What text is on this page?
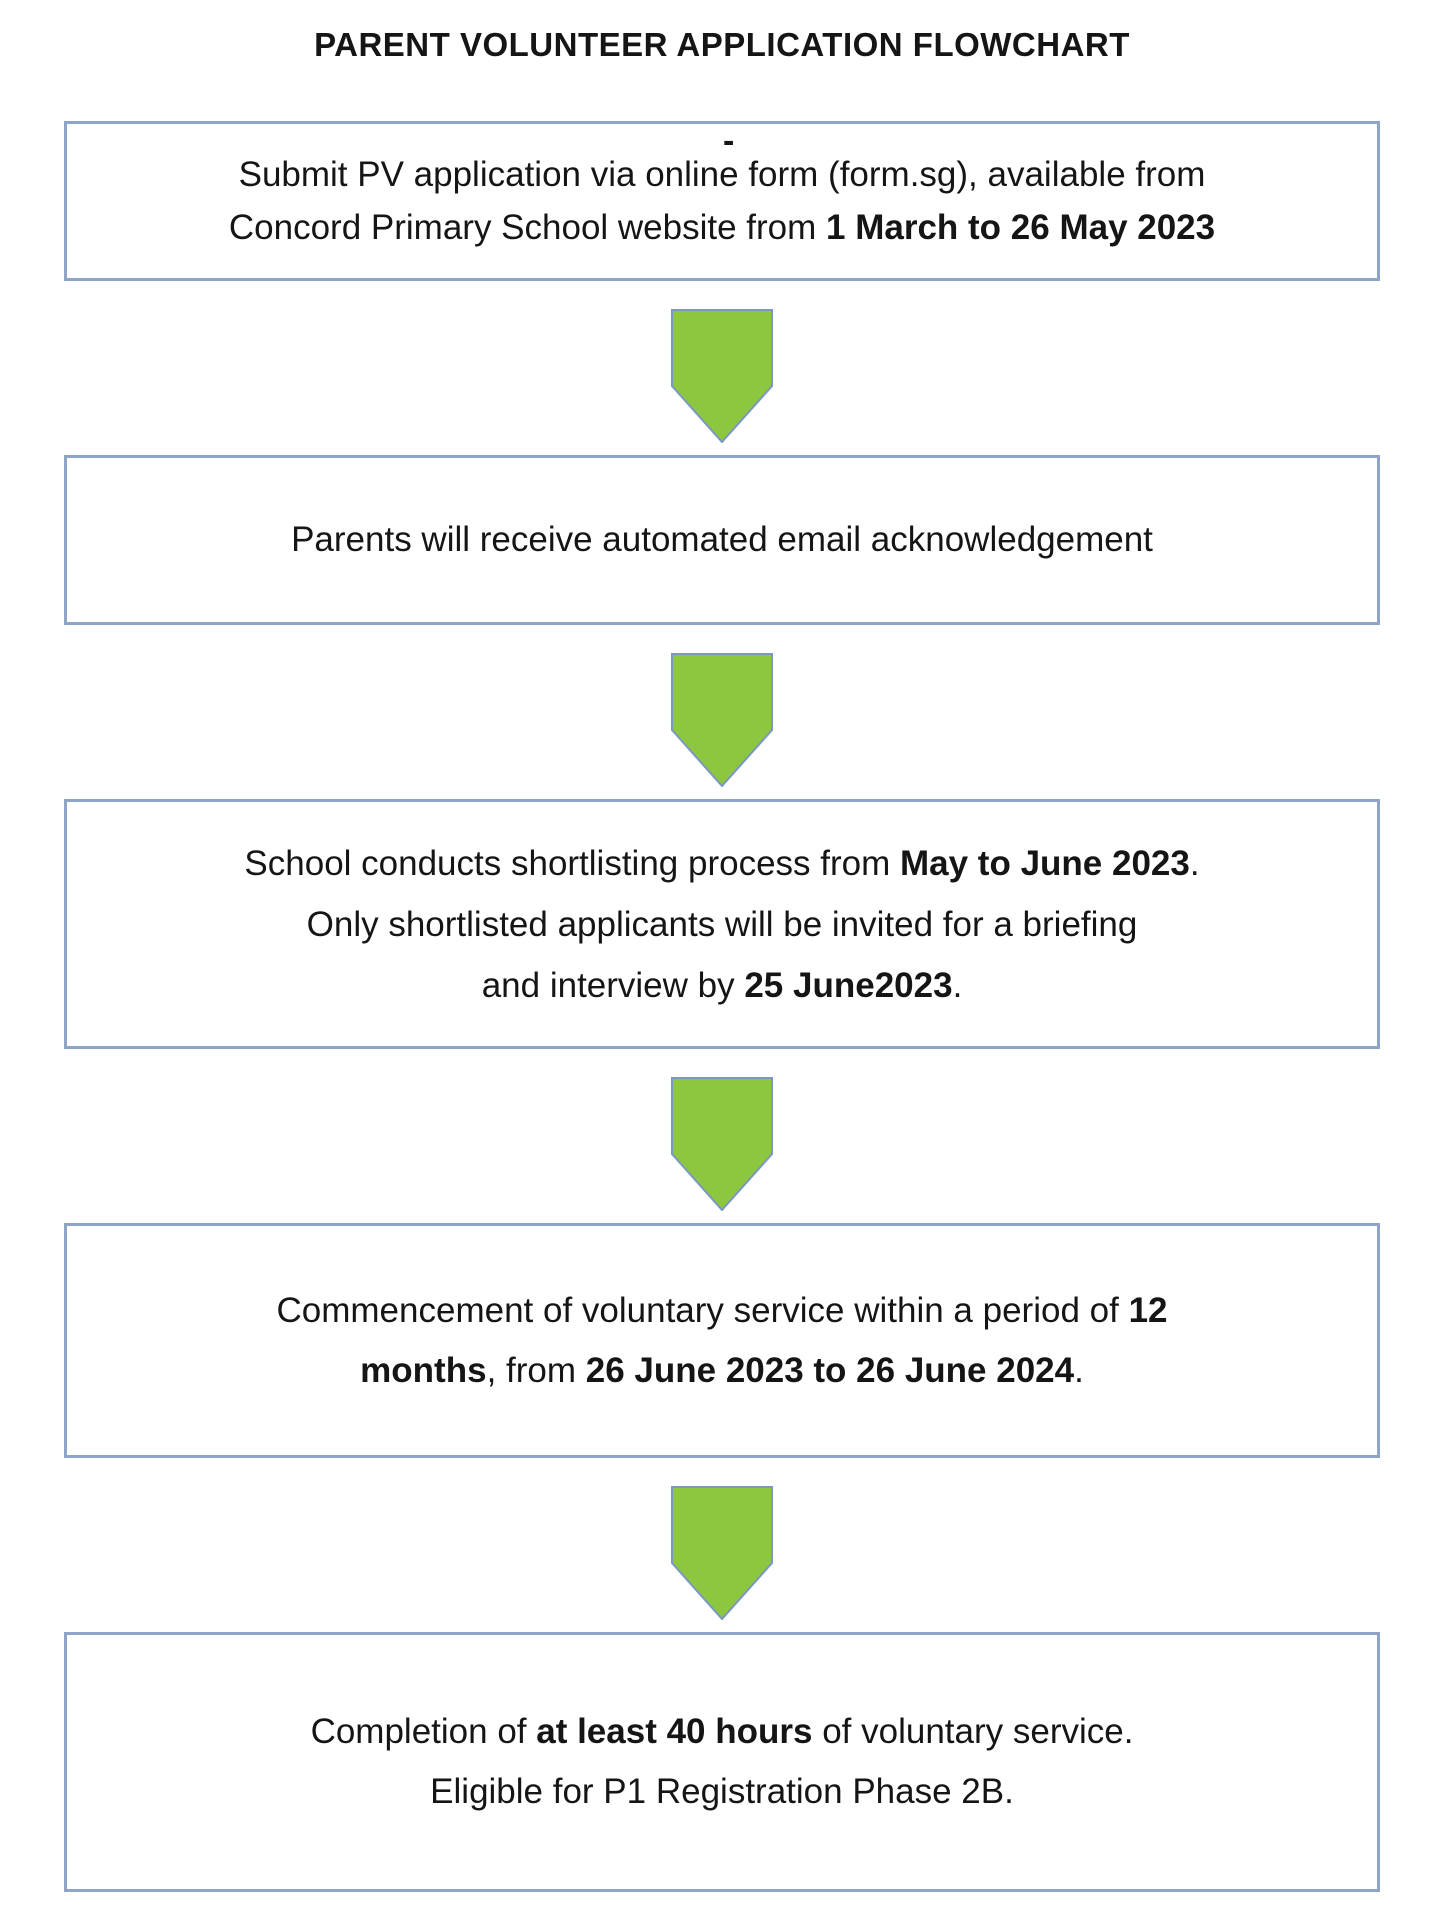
PARENT VOLUNTEER APPLICATION FLOWCHART
-
Submit PV application via online form (form.sg), available from
Concord Primary School website from 1 March to 26 May 2023
Parents will receive automated email acknowledgement
School conducts shortlisting process from May to June 2023.
Only shortlisted applicants will be invited for a briefing
and interview by 25 June2023.
Commencement of voluntary service within a period of 12
months, from 26 June 2023 to 26 June 2024.
Completion of at least 40 hours of voluntary service.
Eligible for P1 Registration Phase 2B.
